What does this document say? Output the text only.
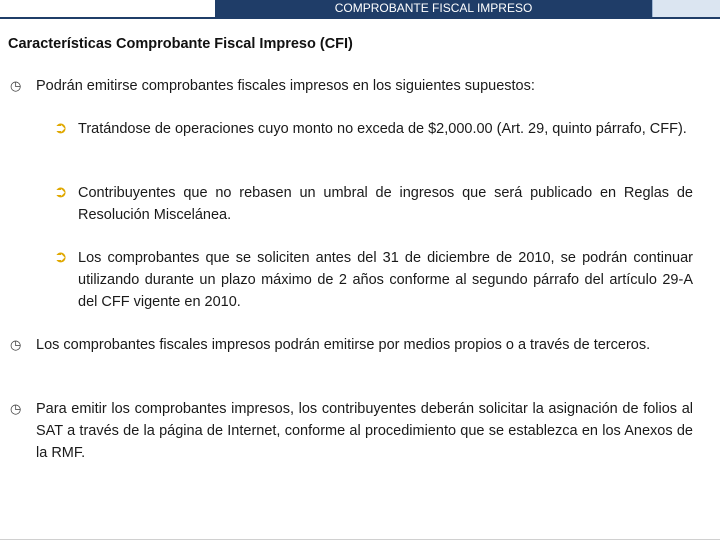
COMPROBANTE FISCAL IMPRESO
Características Comprobante Fiscal Impreso (CFI)
◷ Podrán emitirse comprobantes fiscales impresos en los siguientes supuestos:
➲ Tratándose de operaciones cuyo monto no exceda de $2,000.00 (Art. 29, quinto párrafo, CFF).
➲ Contribuyentes que no rebasen un umbral de ingresos que será publicado en Reglas de Resolución Miscelánea.
➲ Los comprobantes que se soliciten antes del 31 de diciembre de 2010, se podrán continuar utilizando durante un plazo máximo de 2 años conforme al segundo párrafo del artículo 29-A del CFF vigente en 2010.
◷ Los comprobantes fiscales impresos podrán emitirse por medios propios o a través de terceros.
◷ Para emitir los comprobantes impresos, los contribuyentes deberán solicitar la asignación de folios al SAT a través de la página de Internet, conforme al procedimiento que se establezca en los Anexos de la RMF.
